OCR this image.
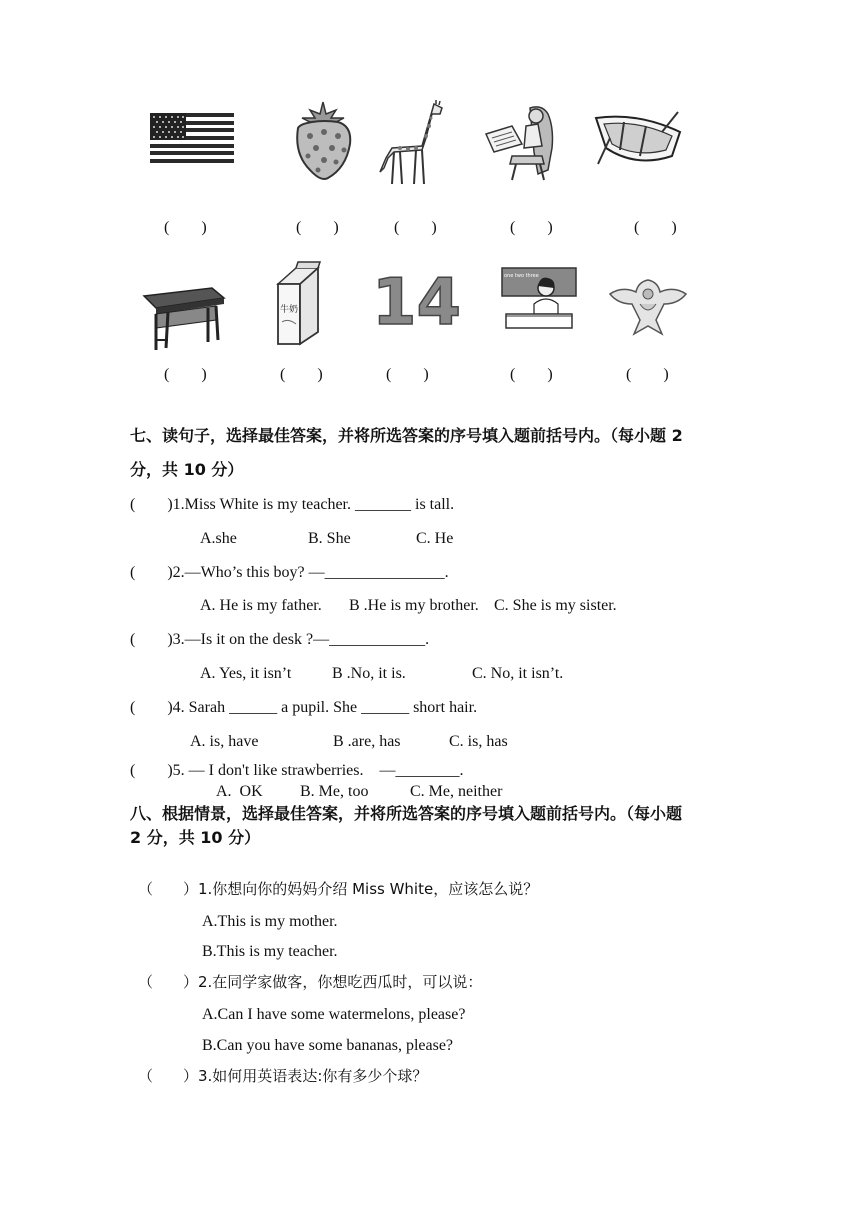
(　　)	(　　)	(　　)	(　　)	(　　)
牛奶 14	one two three
(　　)	(　　)	(　　)	(　　)	(　　)
七、读句子，选择最佳答案，并将所选答案的序号填入题前括号内。（每小题 2
分，共 10 分）
(　　)1.Miss White is my teacher. _______ is tall.
A.she	B. She	C. He
(　　)2.—Who’s this boy? —_______________.
A. He is my father. B .He is my brother. C. She is my sister.
(　　)3.—Is it on the desk ?—____________.
A. Yes, it isn’t	B .No, it is.	C. No, it isn’t.
(　　)4. Sarah ______ a pupil. She ______ short hair.
A. is, have	B .are, has	C. is, has
(　　)5. — I don't like strawberries.    —________.
A.  OK B. Me, too	C. Me, neither
八、根据情景，选择最佳答案，并将所选答案的序号填入题前括号内。（每小题
2 分，共 10 分）
（　　）1.你想向你的妈妈介绍 Miss White，应该怎么说？
A.This is my mother.
B.This is my teacher.
（　　）2.在同学家做客，你想吃西瓜时，可以说：
A.Can I have some watermelons, please?
B.Can you have some bananas, please?
（　　）3.如何用英语表达:你有多少个球？
